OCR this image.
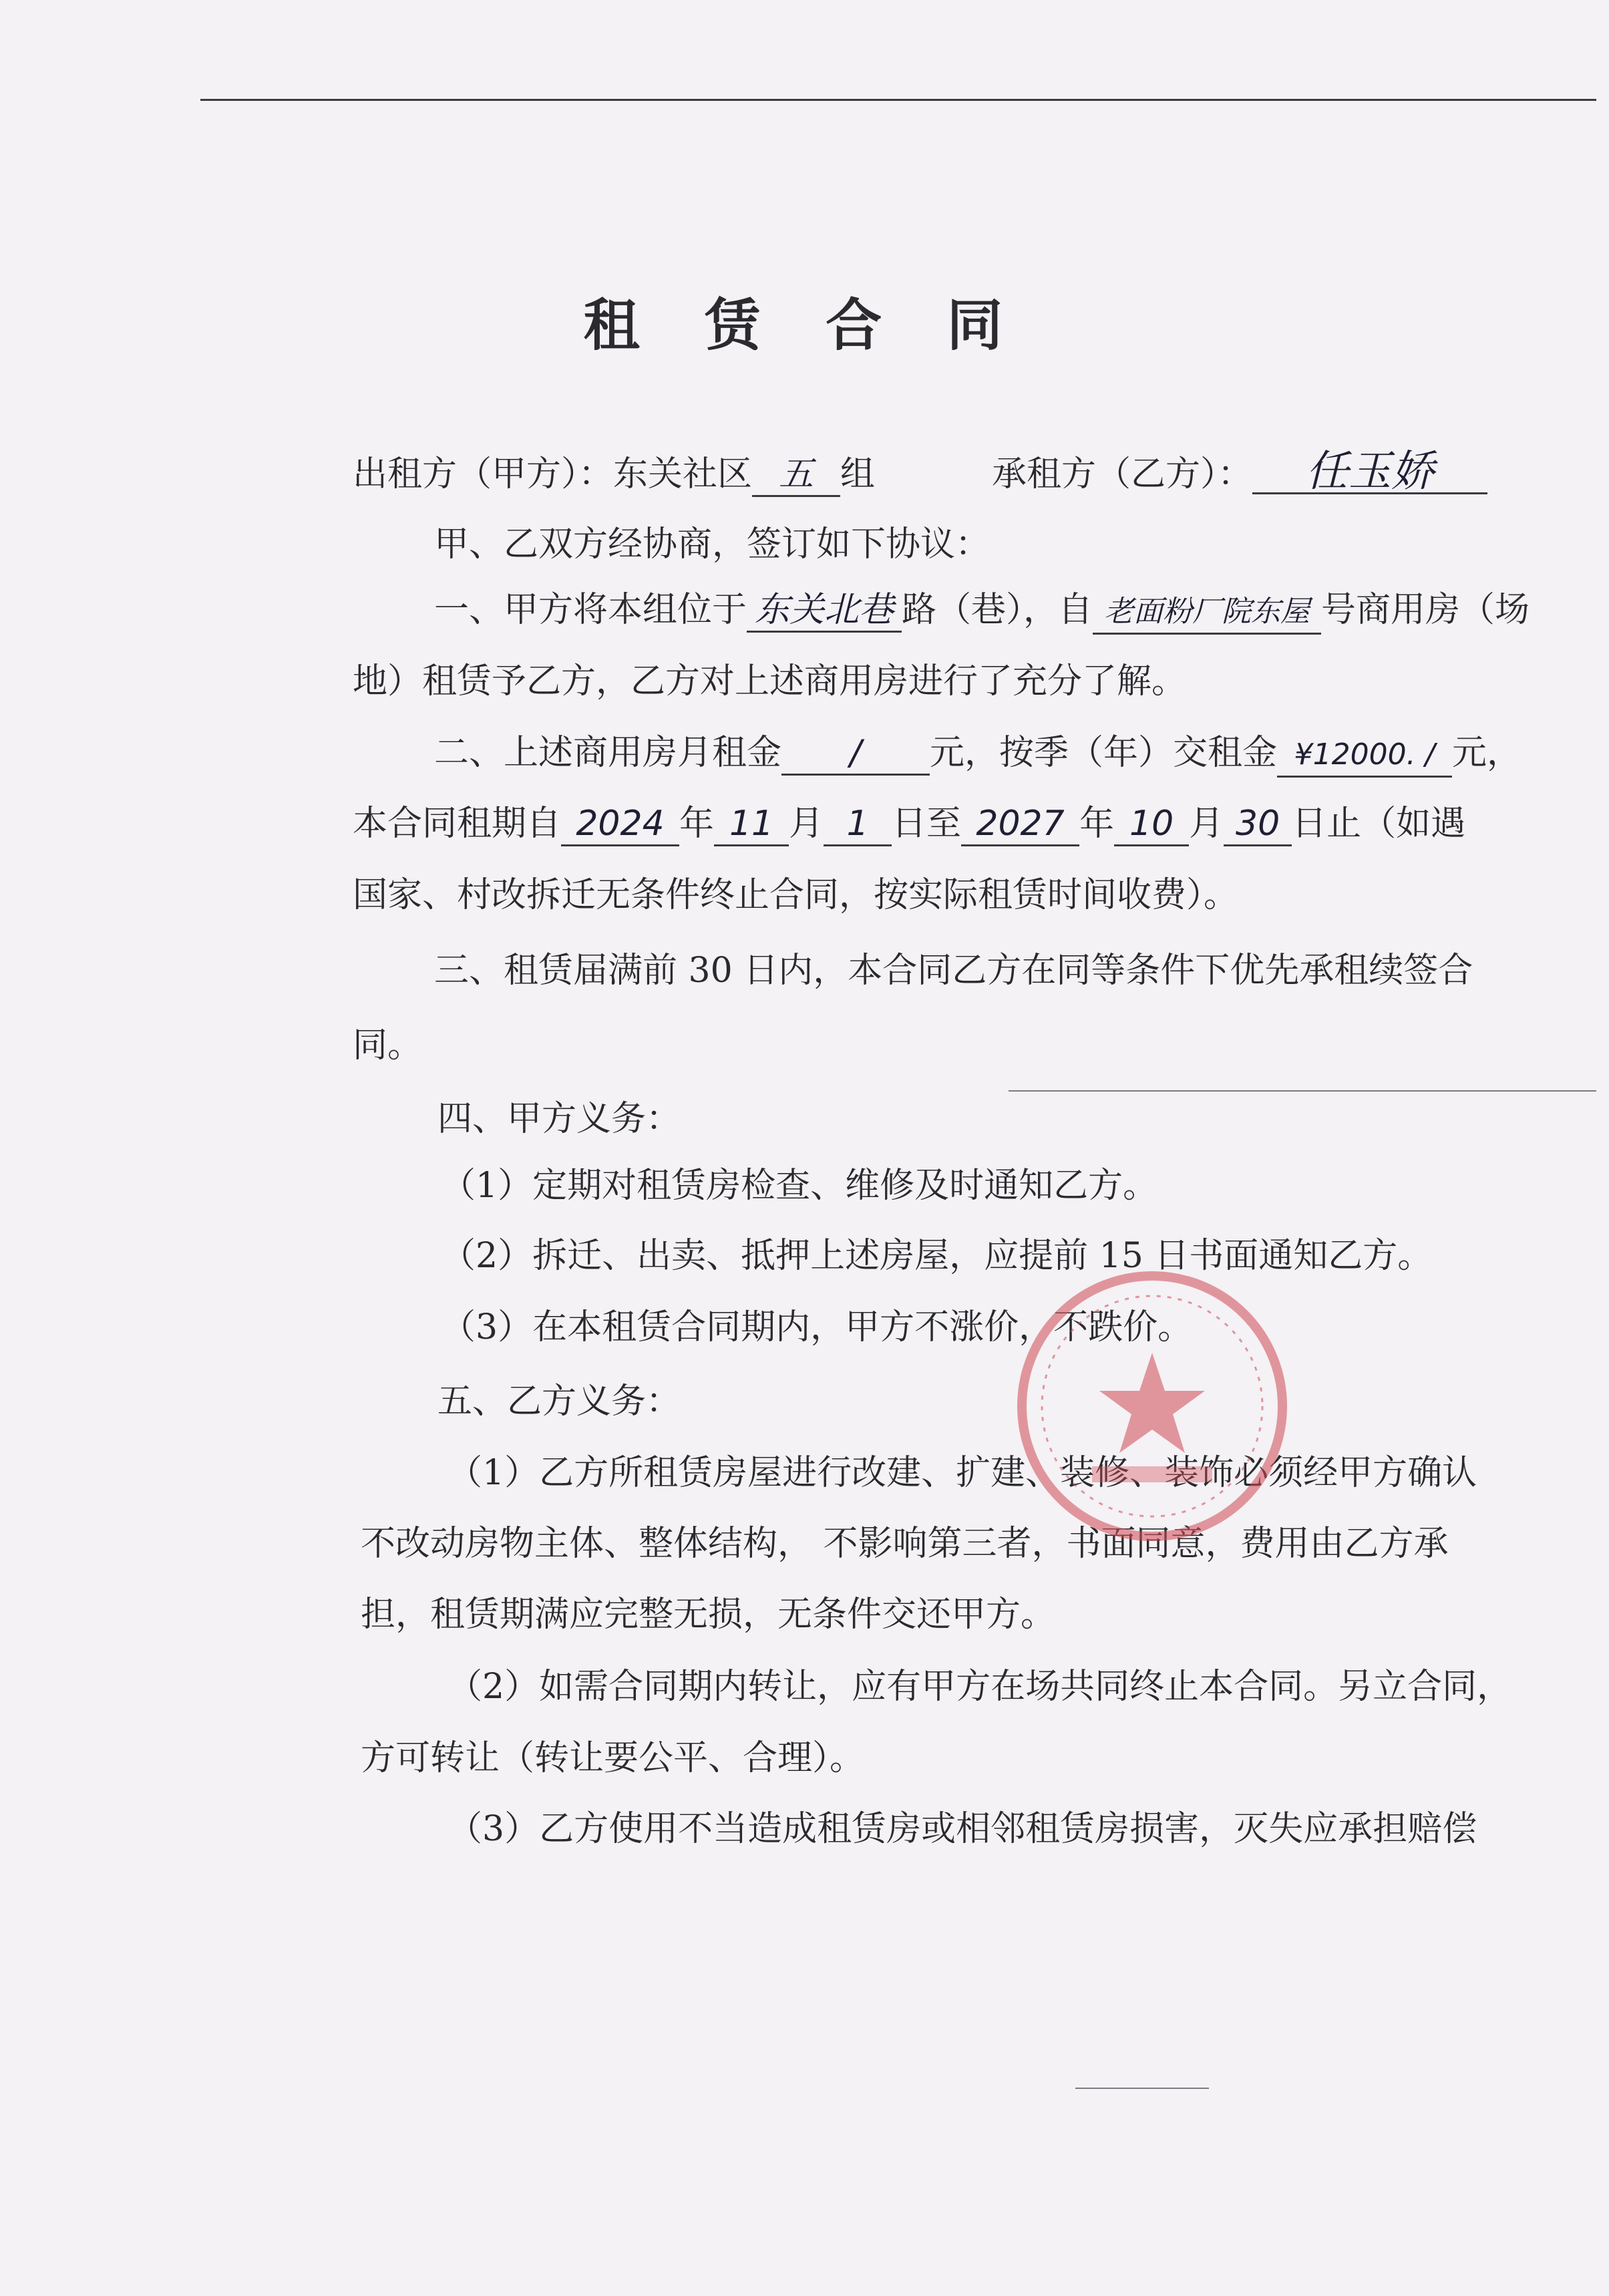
租 赁 合 同
出租方（甲方）：东关社区 五 组	承租方（乙方）： 任玉娇
甲、乙双方经协商，签订如下协议：
一、甲方将本组位于 东关北巷 路（巷），自 老面粉厂院东屋 号商用房（场
地）租赁予乙方，乙方对上述商用房进行了充分了解。
二、上述商用房月租金 / 元，按季（年）交租金 ¥12000. / 元，
本合同租期自 2024 年 11 月 1 日至 2027 年 10 月 30 日止（如遇
国家、村改拆迁无条件终止合同，按实际租赁时间收费）。
三、租赁届满前 30 日内，本合同乙方在同等条件下优先承租续签合
同。
四、甲方义务：
（1）定期对租赁房检查、维修及时通知乙方。
（2）拆迁、出卖、抵押上述房屋，应提前 15 日书面通知乙方。
（3）在本租赁合同期内，甲方不涨价，不跌价。
五、乙方义务：
（1）乙方所租赁房屋进行改建、扩建、装修、装饰必须经甲方确认
不改动房物主体、整体结构， 不影响第三者，书面同意，费用由乙方承
担，租赁期满应完整无损，无条件交还甲方。
（2）如需合同期内转让，应有甲方在场共同终止本合同。另立合同，
方可转让（转让要公平、合理）。
（3）乙方使用不当造成租赁房或相邻租赁房损害，灭失应承担赔偿
